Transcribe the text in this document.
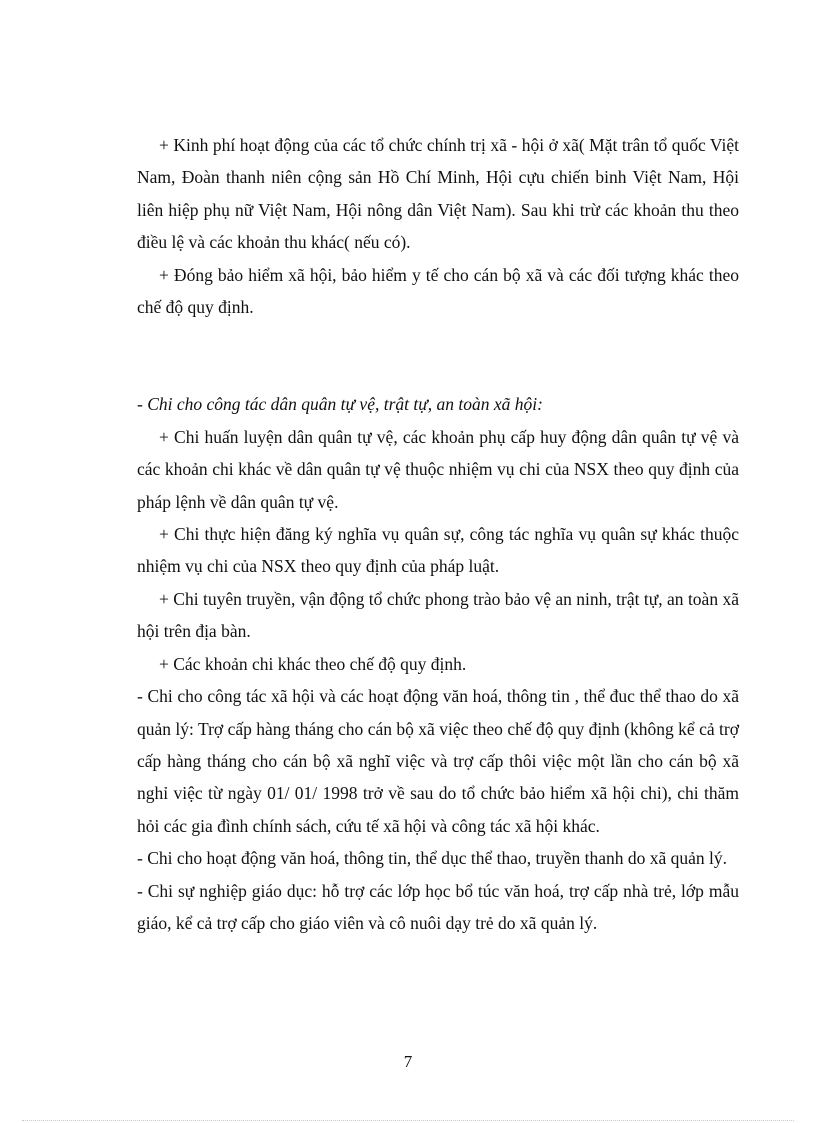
+ Kinh phí hoạt động của các tổ chức chính trị xã - hội ở xã( Mặt trân tổ quốc Việt Nam, Đoàn thanh niên cộng sản Hồ Chí Minh, Hội cựu chiến binh Việt Nam, Hội liên hiệp phụ nữ Việt Nam, Hội nông dân Việt Nam). Sau khi trừ các khoản thu theo điều lệ và các khoản thu khác( nếu có).

+ Đóng bảo hiểm xã hội, bảo hiểm y tế cho cán bộ xã và các đối tượng khác theo chế độ quy định.

- Chi cho công tác dân quân tự vệ, trật tự, an toàn xã hội:

+ Chi huấn luyện dân quân tự vệ, các khoản phụ cấp huy động dân quân tự vệ và các khoản chi khác về dân quân tự vệ thuộc nhiệm vụ chi của NSX theo quy định của pháp lệnh về dân quân tự vệ.

+ Chi thực hiện đăng ký nghĩa vụ quân sự, công tác nghĩa vụ quân sự khác thuộc nhiệm vụ chi của NSX theo quy định của pháp luật.

+ Chi tuyên truyền, vận động tổ chức phong trào bảo vệ an ninh, trật tự, an toàn xã hội trên địa bàn.

+ Các khoản chi khác theo chế độ quy định.

- Chi cho công tác xã hội và các hoạt động văn hoá, thông tin , thể đuc thể thao do xã quản lý: Trợ cấp hàng tháng cho cán bộ xã việc theo chế độ quy định (không kể cả trợ cấp hàng tháng cho cán bộ xã nghĩ việc và trợ cấp thôi việc một lần cho cán bộ xã nghỉ việc từ ngày 01/ 01/ 1998 trở về sau do tổ chức bảo hiểm xã hội chi), chi thăm hỏi các gia đình chính sách, cứu tế xã hội và công tác xã hội khác.

- Chi cho hoạt động văn hoá, thông tin, thể dục thể thao, truyền thanh do xã quản lý.

- Chi sự nghiệp giáo dục: hỗ trợ các lớp học bổ túc văn hoá, trợ cấp nhà trẻ, lớp mẫu giáo, kể cả trợ cấp cho giáo viên và cô nuôi dạy trẻ do xã quản lý.

7
